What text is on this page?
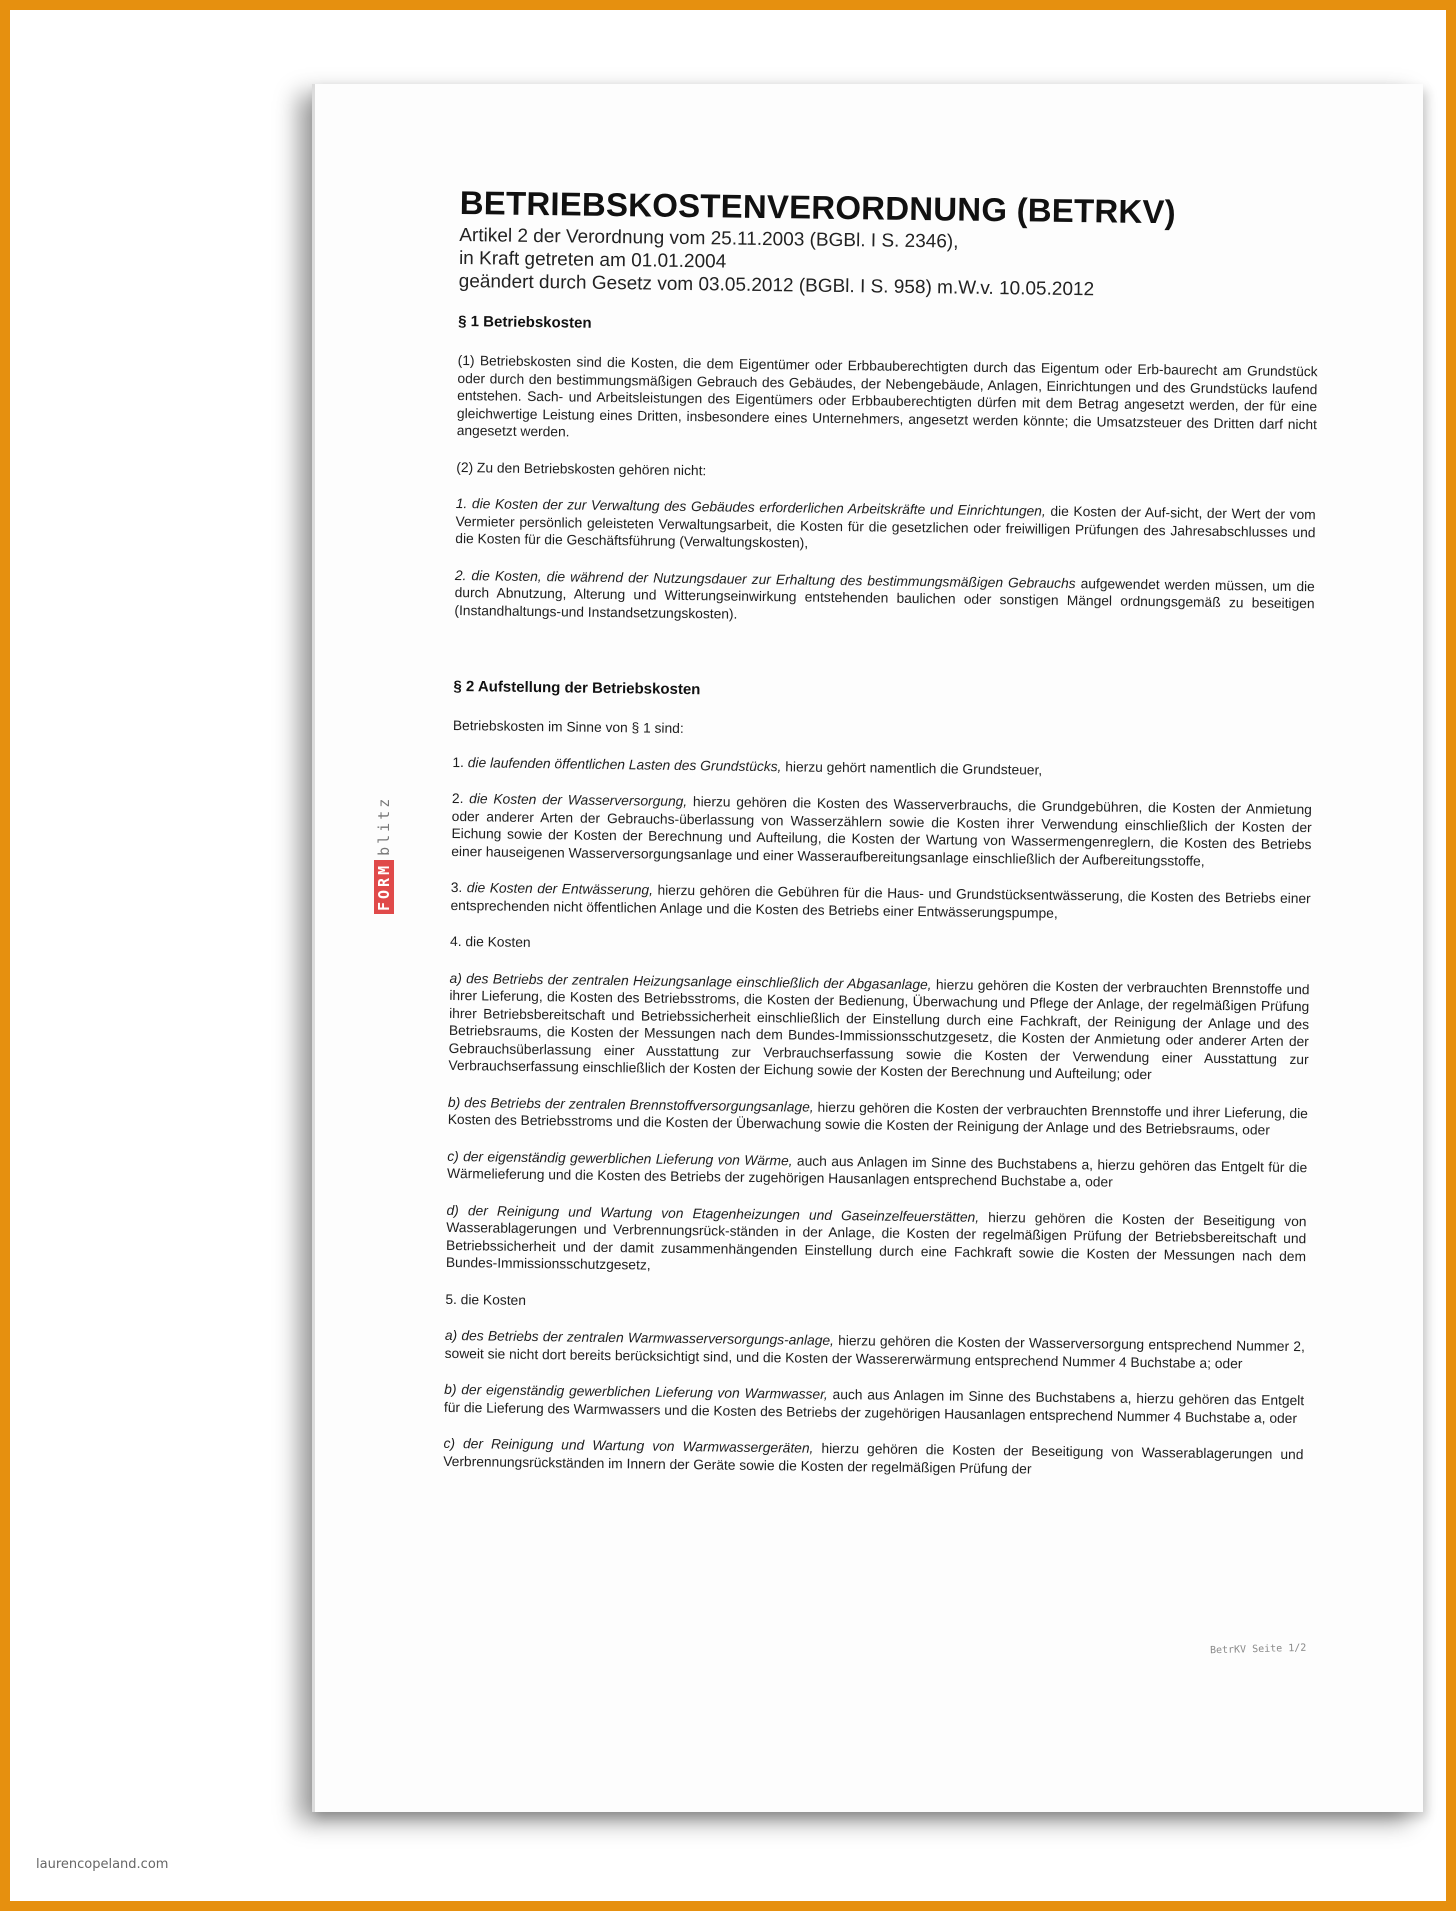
FORM
blitz
BETRIEBSKOSTENVERORDNUNG (BETRKV)
Artikel 2 der Verordnung vom 25.11.2003 (BGBl. I S. 2346),
in Kraft getreten am 01.01.2004
geändert durch Gesetz vom 03.05.2012 (BGBl. I S. 958) m.W.v. 10.05.2012
§ 1 Betriebskosten

(1) Betriebskosten sind die Kosten, die dem Eigentümer oder Erbbauberechtigten durch das Eigentum oder Erb-baurecht am Grundstück oder durch den bestimmungsmäßigen Gebrauch des Gebäudes, der Nebengebäude, Anlagen, Einrichtungen und des Grundstücks laufend entstehen. Sach- und Arbeitsleistungen des Eigentümers oder Erbbauberechtigten dürfen mit dem Betrag angesetzt werden, der für eine gleichwertige Leistung eines Dritten, insbesondere eines Unternehmers, angesetzt werden könnte; die Umsatzsteuer des Dritten darf nicht angesetzt werden.

(2) Zu den Betriebskosten gehören nicht:

1. die Kosten der zur Verwaltung des Gebäudes erforderlichen Arbeitskräfte und Einrichtungen, die Kosten der Auf-sicht, der Wert der vom Vermieter persönlich geleisteten Verwaltungsarbeit, die Kosten für die gesetzlichen oder freiwilligen Prüfungen des Jahresabschlusses und die Kosten für die Geschäftsführung (Verwaltungskosten),

2. die Kosten, die während der Nutzungsdauer zur Erhaltung des bestimmungsmäßigen Gebrauchs aufgewendet werden müssen, um die durch Abnutzung, Alterung und Witterungseinwirkung entstehenden baulichen oder sonstigen Mängel ordnungsgemäß zu beseitigen (Instandhaltungs-und Instandsetzungskosten).

§ 2 Aufstellung der Betriebskosten

Betriebskosten im Sinne von § 1 sind:

1. die laufenden öffentlichen Lasten des Grundstücks, hierzu gehört namentlich die Grundsteuer,

2. die Kosten der Wasserversorgung, hierzu gehören die Kosten des Wasserverbrauchs, die Grundgebühren, die Kosten der Anmietung oder anderer Arten der Gebrauchs-überlassung von Wasserzählern sowie die Kosten ihrer Verwendung einschließlich der Kosten der Eichung sowie der Kosten der Berechnung und Aufteilung, die Kosten der Wartung von Wassermengenreglern, die Kosten des Betriebs einer hauseigenen Wasserversorgungsanlage und einer Wasseraufbereitungsanlage einschließlich der Aufbereitungsstoffe,

3. die Kosten der Entwässerung, hierzu gehören die Gebühren für die Haus- und Grundstücksentwässerung, die Kosten des Betriebs einer entsprechenden nicht öffentlichen Anlage und die Kosten des Betriebs einer Entwässerungspumpe,

4. die Kosten

a) des Betriebs der zentralen Heizungsanlage einschließlich der Abgasanlage, hierzu gehören die Kosten der verbrauchten Brennstoffe und ihrer Lieferung, die Kosten des Betriebsstroms, die Kosten der Bedienung, Überwachung und Pflege der Anlage, der regelmäßigen Prüfung ihrer Betriebsbereitschaft und Betriebssicherheit einschließlich der Einstellung durch eine Fachkraft, der Reinigung der Anlage und des Betriebsraums, die Kosten der Messungen nach dem Bundes-Immissionsschutzgesetz, die Kosten der Anmietung oder anderer Arten der Gebrauchsüberlassung einer Ausstattung zur Verbrauchserfassung sowie die Kosten der Verwendung einer Ausstattung zur Verbrauchserfassung einschließlich der Kosten der Eichung sowie der Kosten der Berechnung und Aufteilung; oder

b) des Betriebs der zentralen Brennstoffversorgungsanlage, hierzu gehören die Kosten der verbrauchten Brennstoffe und ihrer Lieferung, die Kosten des Betriebsstroms und die Kosten der Überwachung sowie die Kosten der Reinigung der Anlage und des Betriebsraums, oder

c) der eigenständig gewerblichen Lieferung von Wärme, auch aus Anlagen im Sinne des Buchstabens a, hierzu gehören das Entgelt für die Wärmelieferung und die Kosten des Betriebs der zugehörigen Hausanlagen entsprechend Buchstabe a, oder

d) der Reinigung und Wartung von Etagenheizungen und Gaseinzelfeuerstätten, hierzu gehören die Kosten der Beseitigung von Wasserablagerungen und Verbrennungsrück-ständen in der Anlage, die Kosten der regelmäßigen Prüfung der Betriebsbereitschaft und Betriebssicherheit und der damit zusammenhängenden Einstellung durch eine Fachkraft sowie die Kosten der Messungen nach dem Bundes-Immissionsschutzgesetz,

5. die Kosten

a) des Betriebs der zentralen Warmwasserversorgungs-anlage, hierzu gehören die Kosten der Wasserversorgung entsprechend Nummer 2, soweit sie nicht dort bereits berücksichtigt sind, und die Kosten der Wassererwärmung entsprechend Nummer 4 Buchstabe a; oder

b) der eigenständig gewerblichen Lieferung von Warmwasser, auch aus Anlagen im Sinne des Buchstabens a, hierzu gehören das Entgelt für die Lieferung des Warmwassers und die Kosten des Betriebs der zugehörigen Hausanlagen entsprechend Nummer 4 Buchstabe a, oder

c) der Reinigung und Wartung von Warmwassergeräten, hierzu gehören die Kosten der Beseitigung von Wasserablagerungen und Verbrennungsrückständen im Innern der Geräte sowie die Kosten der regelmäßigen Prüfung der

BetrKV Seite 1/2
laurencopeland.com
